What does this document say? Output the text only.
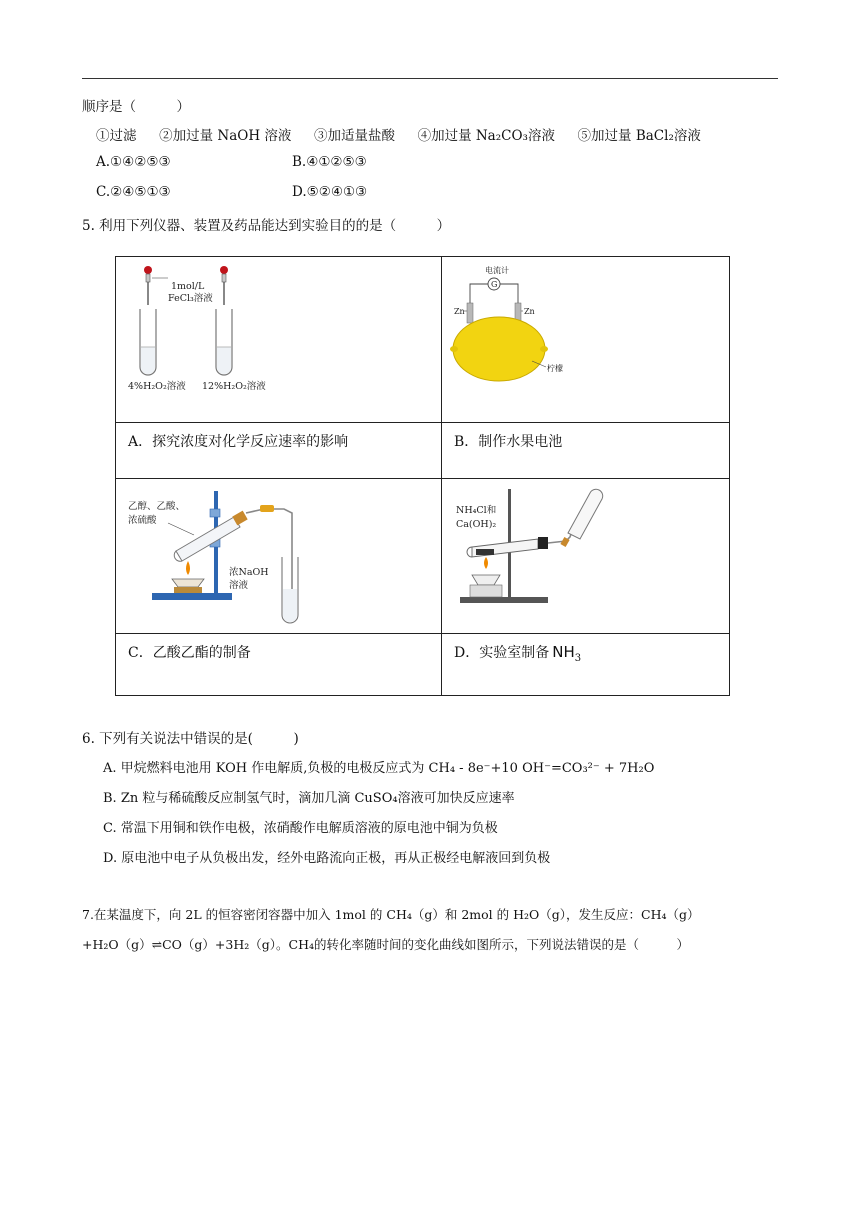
顺序是（　　　）
①过滤 ②加过量 NaOH 溶液 ③加适量盐酸 ④加过量 Na₂CO₃溶液 ⑤加过量 BaCl₂溶液
A.①④②⑤③	B.④①②⑤③
C.②④⑤①③	D.⑤②④①③
5. 利用下列仪器、装置及药品能达到实验目的的是（　　　）
1mol/L
FeCl₃溶液
4%H₂O₂溶液 12%H₂O₂溶液	电流计
G
Zn Zn
柠檬

A．探究浓度对化学反应速率的影响	B．制作水果电池

乙醇、乙酸、
浓硫酸
浓NaOH
溶液	NH₄Cl和
Ca(OH)₂

C．乙酸乙酯的制备	D．实验室制备 $NH_3$
6. 下列有关说法中错误的是(　　　)
A. 甲烷燃料电池用 KOH 作电解质,负极的电极反应式为 CH₄ - 8e⁻+10 OH⁻=CO₃²⁻ + 7H₂O
B. Zn 粒与稀硫酸反应制氢气时，滴加几滴 CuSO₄溶液可加快反应速率
C. 常温下用铜和铁作电极，浓硝酸作电解质溶液的原电池中铜为负极
D. 原电池中电子从负极出发，经外电路流向正极，再从正极经电解液回到负极
7.在某温度下，向 2L 的恒容密闭容器中加入 1mol 的 CH₄（g）和 2mol 的 H₂O（g），发生反应：CH₄（g）
+H₂O（g）⇌CO（g）+3H₂（g）。CH₄的转化率随时间的变化曲线如图所示，下列说法错误的是（　　　）
